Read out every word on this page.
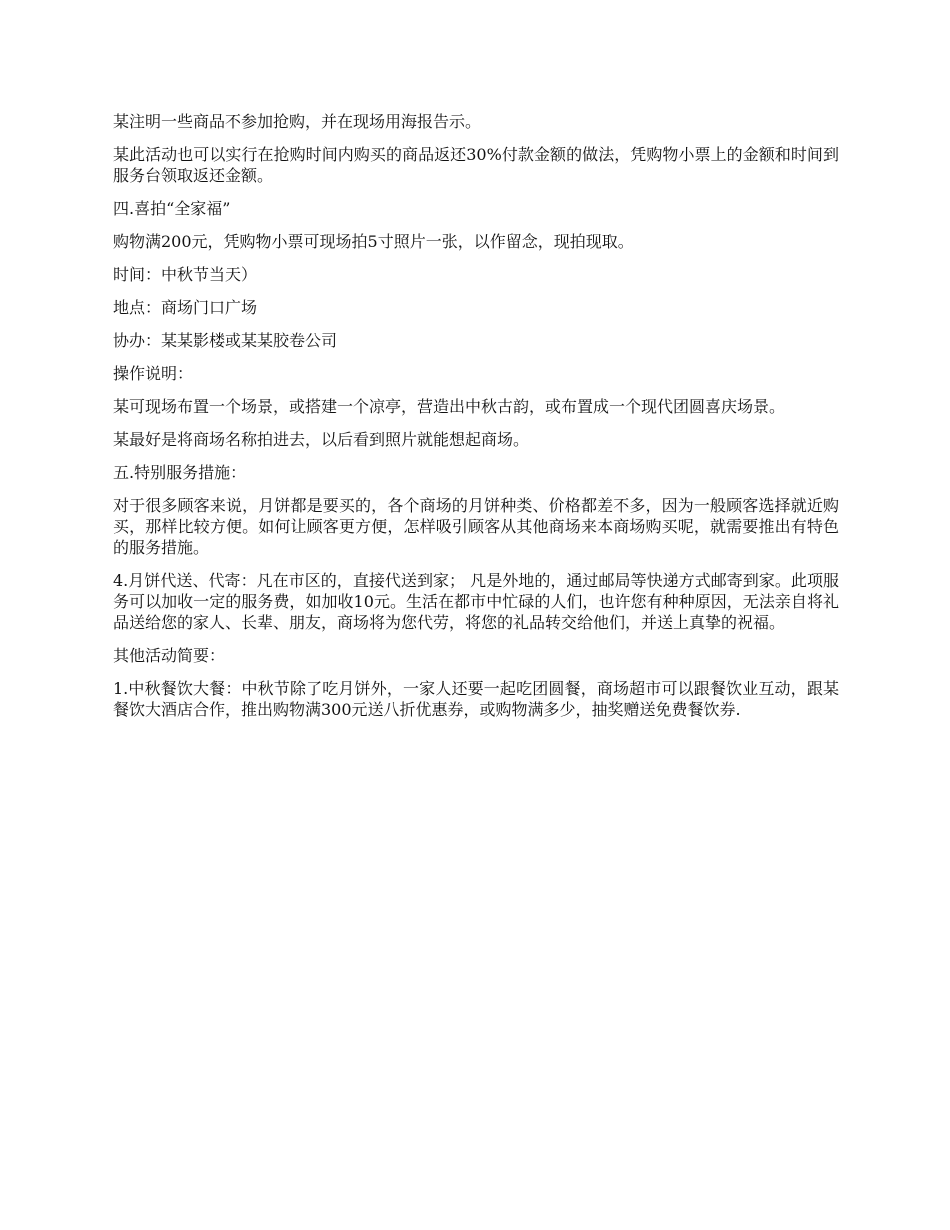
某注明一些商品不参加抢购，并在现场用海报告示。

某此活动也可以实行在抢购时间内购买的商品返还30%付款金额的做法，凭购物小票上的金额和时间到服务台领取返还金额。

四.喜拍“全家福”

购物满200元，凭购物小票可现场拍5寸照片一张，以作留念，现拍现取。

时间：中秋节当天）

地点：商场门口广场

协办：某某影楼或某某胶卷公司

操作说明：

某可现场布置一个场景，或搭建一个凉亭，营造出中秋古韵，或布置成一个现代团圆喜庆场景。

某最好是将商场名称拍进去，以后看到照片就能想起商场。

五.特别服务措施：

对于很多顾客来说，月饼都是要买的，各个商场的月饼种类、价格都差不多，因为一般顾客选择就近购买，那样比较方便。如何让顾客更方便，怎样吸引顾客从其他商场来本商场购买呢，就需要推出有特色的服务措施。

4.月饼代送、代寄：凡在市区的，直接代送到家； 凡是外地的，通过邮局等快递方式邮寄到家。此项服务可以加收一定的服务费，如加收10元。生活在都市中忙碌的人们，也许您有种种原因，无法亲自将礼品送给您的家人、长辈、朋友，商场将为您代劳，将您的礼品转交给他们，并送上真挚的祝福。

其他活动简要：

1.中秋餐饮大餐：中秋节除了吃月饼外，一家人还要一起吃团圆餐，商场超市可以跟餐饮业互动，跟某餐饮大酒店合作，推出购物满300元送八折优惠券，或购物满多少，抽奖赠送免费餐饮券.
